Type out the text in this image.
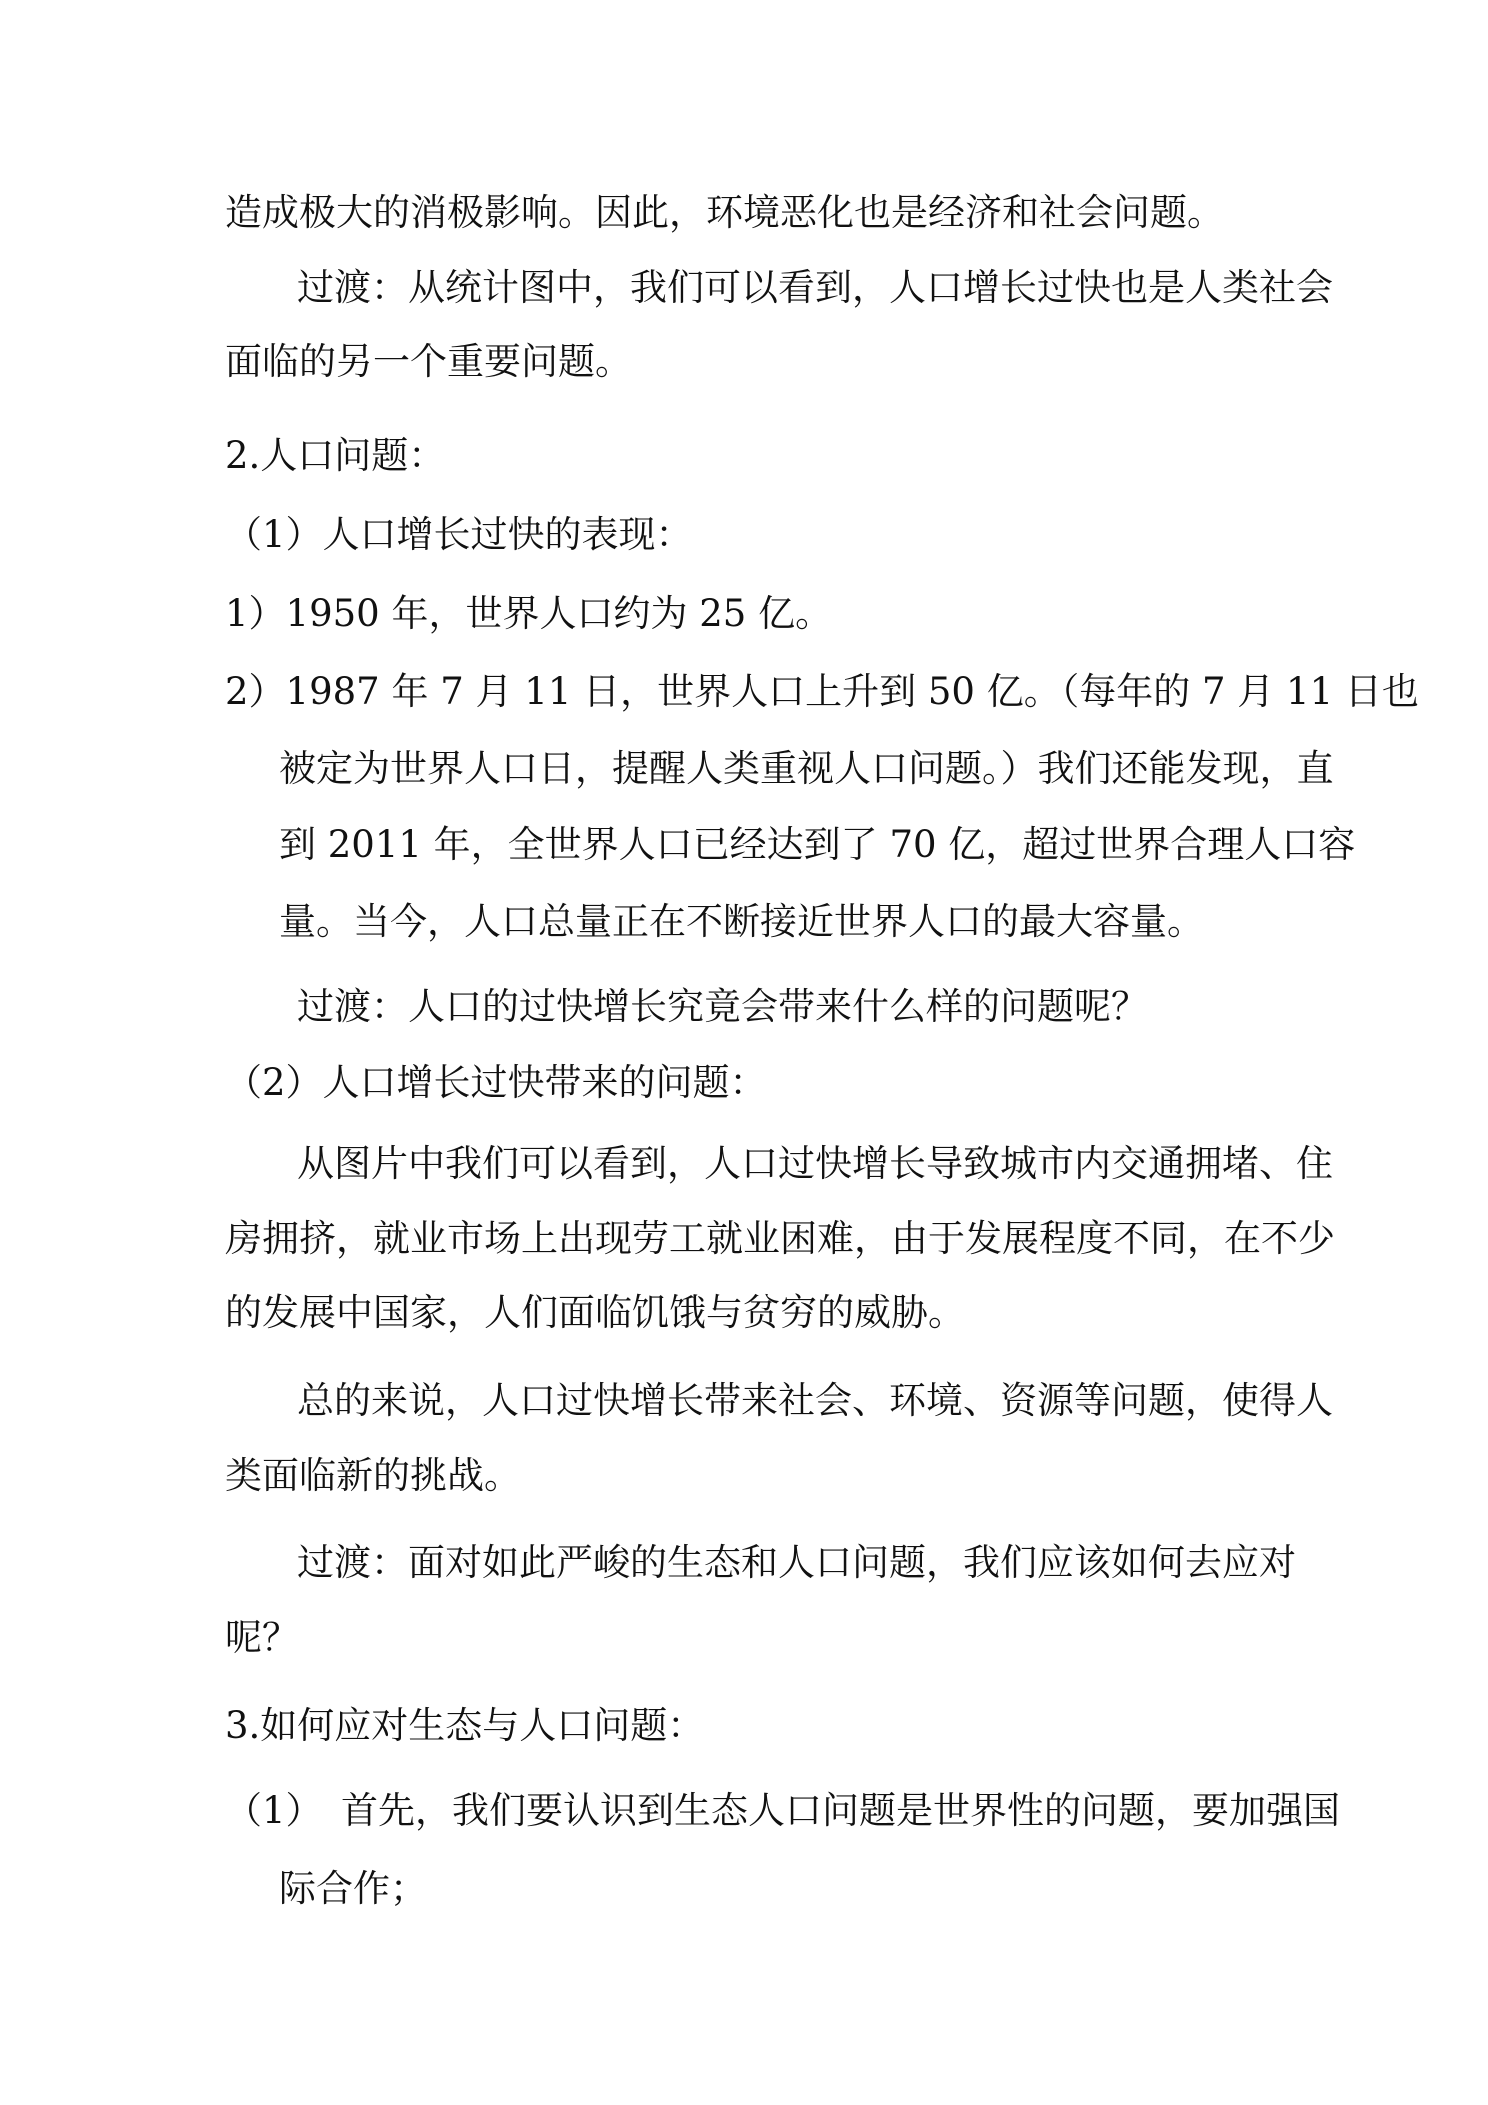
造成极大的消极影响。因此，环境恶化也是经济和社会问题。
过渡：从统计图中，我们可以看到，人口增长过快也是人类社会
面临的另一个重要问题。
2.人口问题：
（1）人口增长过快的表现：
1）1950 年，世界人口约为 25 亿。
2）1987 年 7 月 11 日，世界人口上升到 50 亿。（每年的 7 月 11 日也
被定为世界人口日，提醒人类重视人口问题。）我们还能发现，直
到 2011 年，全世界人口已经达到了 70 亿，超过世界合理人口容
量。当今，人口总量正在不断接近世界人口的最大容量。
过渡：人口的过快增长究竟会带来什么样的问题呢？
（2）人口增长过快带来的问题：
从图片中我们可以看到，人口过快增长导致城市内交通拥堵、住
房拥挤，就业市场上出现劳工就业困难，由于发展程度不同，在不少
的发展中国家，人们面临饥饿与贫穷的威胁。
总的来说，人口过快增长带来社会、环境、资源等问题，使得人
类面临新的挑战。
过渡：面对如此严峻的生态和人口问题，我们应该如何去应对
呢？
3.如何应对生态与人口问题：
（1）　首先，我们要认识到生态人口问题是世界性的问题，要加强国
际合作；
